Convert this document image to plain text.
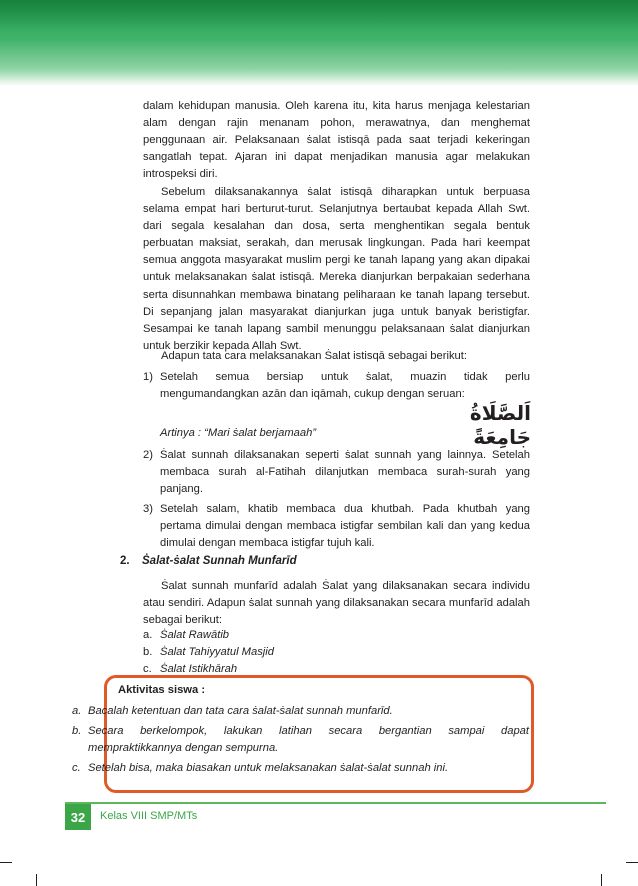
dalam kehidupan manusia. Oleh karena itu, kita harus menjaga kelestarian alam dengan rajin menanam pohon, merawatnya, dan menghemat penggunaan air. Pelaksanaan ṡalat istisqā pada saat terjadi kekeringan sangatlah tepat. Ajaran ini dapat menjadikan manusia agar melakukan introspeksi diri.

Sebelum dilaksanakannya ṡalat istisqā diharapkan untuk berpuasa selama empat hari berturut-turut. Selanjutnya bertaubat kepada Allah Swt. dari segala kesalahan dan dosa, serta menghentikan segala bentuk perbuatan maksiat, serakah, dan merusak lingkungan. Pada hari keempat semua anggota masyarakat muslim pergi ke tanah lapang yang akan dipakai untuk melaksanakan ṡalat istisqā. Mereka dianjurkan berpakaian sederhana serta disunnahkan membawa binatang peliharaan ke tanah lapang tersebut. Di sepanjang jalan masyarakat dianjurkan juga untuk banyak beristigfar. Sesampai ke tanah lapang sambil menunggu pelaksanaan ṡalat dianjurkan untuk berzikir kepada Allah Swt.

Adapun tata cara melaksanakan Ṡalat istisqā sebagai berikut:

1) Setelah semua bersiap untuk ṡalat, muazin tidak perlu mengumandangkan azān dan iqāmah, cukup dengan seruan:
اَلصَّلَاةُ جَامِعَةً

Artinya : “Mari ṡalat berjamaah”

2) Ṡalat sunnah dilaksanakan seperti ṡalat sunnah yang lainnya. Setelah membaca surah al-Fatihah dilanjutkan membaca surah-surah yang panjang.
3) Setelah salam, khatib membaca dua khutbah. Pada khutbah yang pertama dimulai dengan membaca istigfar sembilan kali dan yang kedua dimulai dengan membaca istigfar tujuh kali.
2. Ṡalat-ṡalat Sunnah Munfarīd

Ṡalat sunnah munfarīd adalah Ṡalat yang dilaksanakan secara individu atau sendiri. Adapun ṡalat sunnah yang dilaksanakan secara munfarīd adalah sebagai berikut:

a. Ṡalat Rawātib
b. Ṡalat Tahiyyatul Masjid
c. Ṡalat Istikhārah
Aktivitas siswa :
a. Bacalah ketentuan dan tata cara ṡalat-ṡalat sunnah munfarīd.
b. Secara berkelompok, lakukan latihan secara bergantian sampai dapat mempraktikkannya dengan sempurna.
c. Setelah bisa, maka biasakan untuk melaksanakan ṡalat-ṡalat sunnah ini.
32	Kelas VIII SMP/MTs
